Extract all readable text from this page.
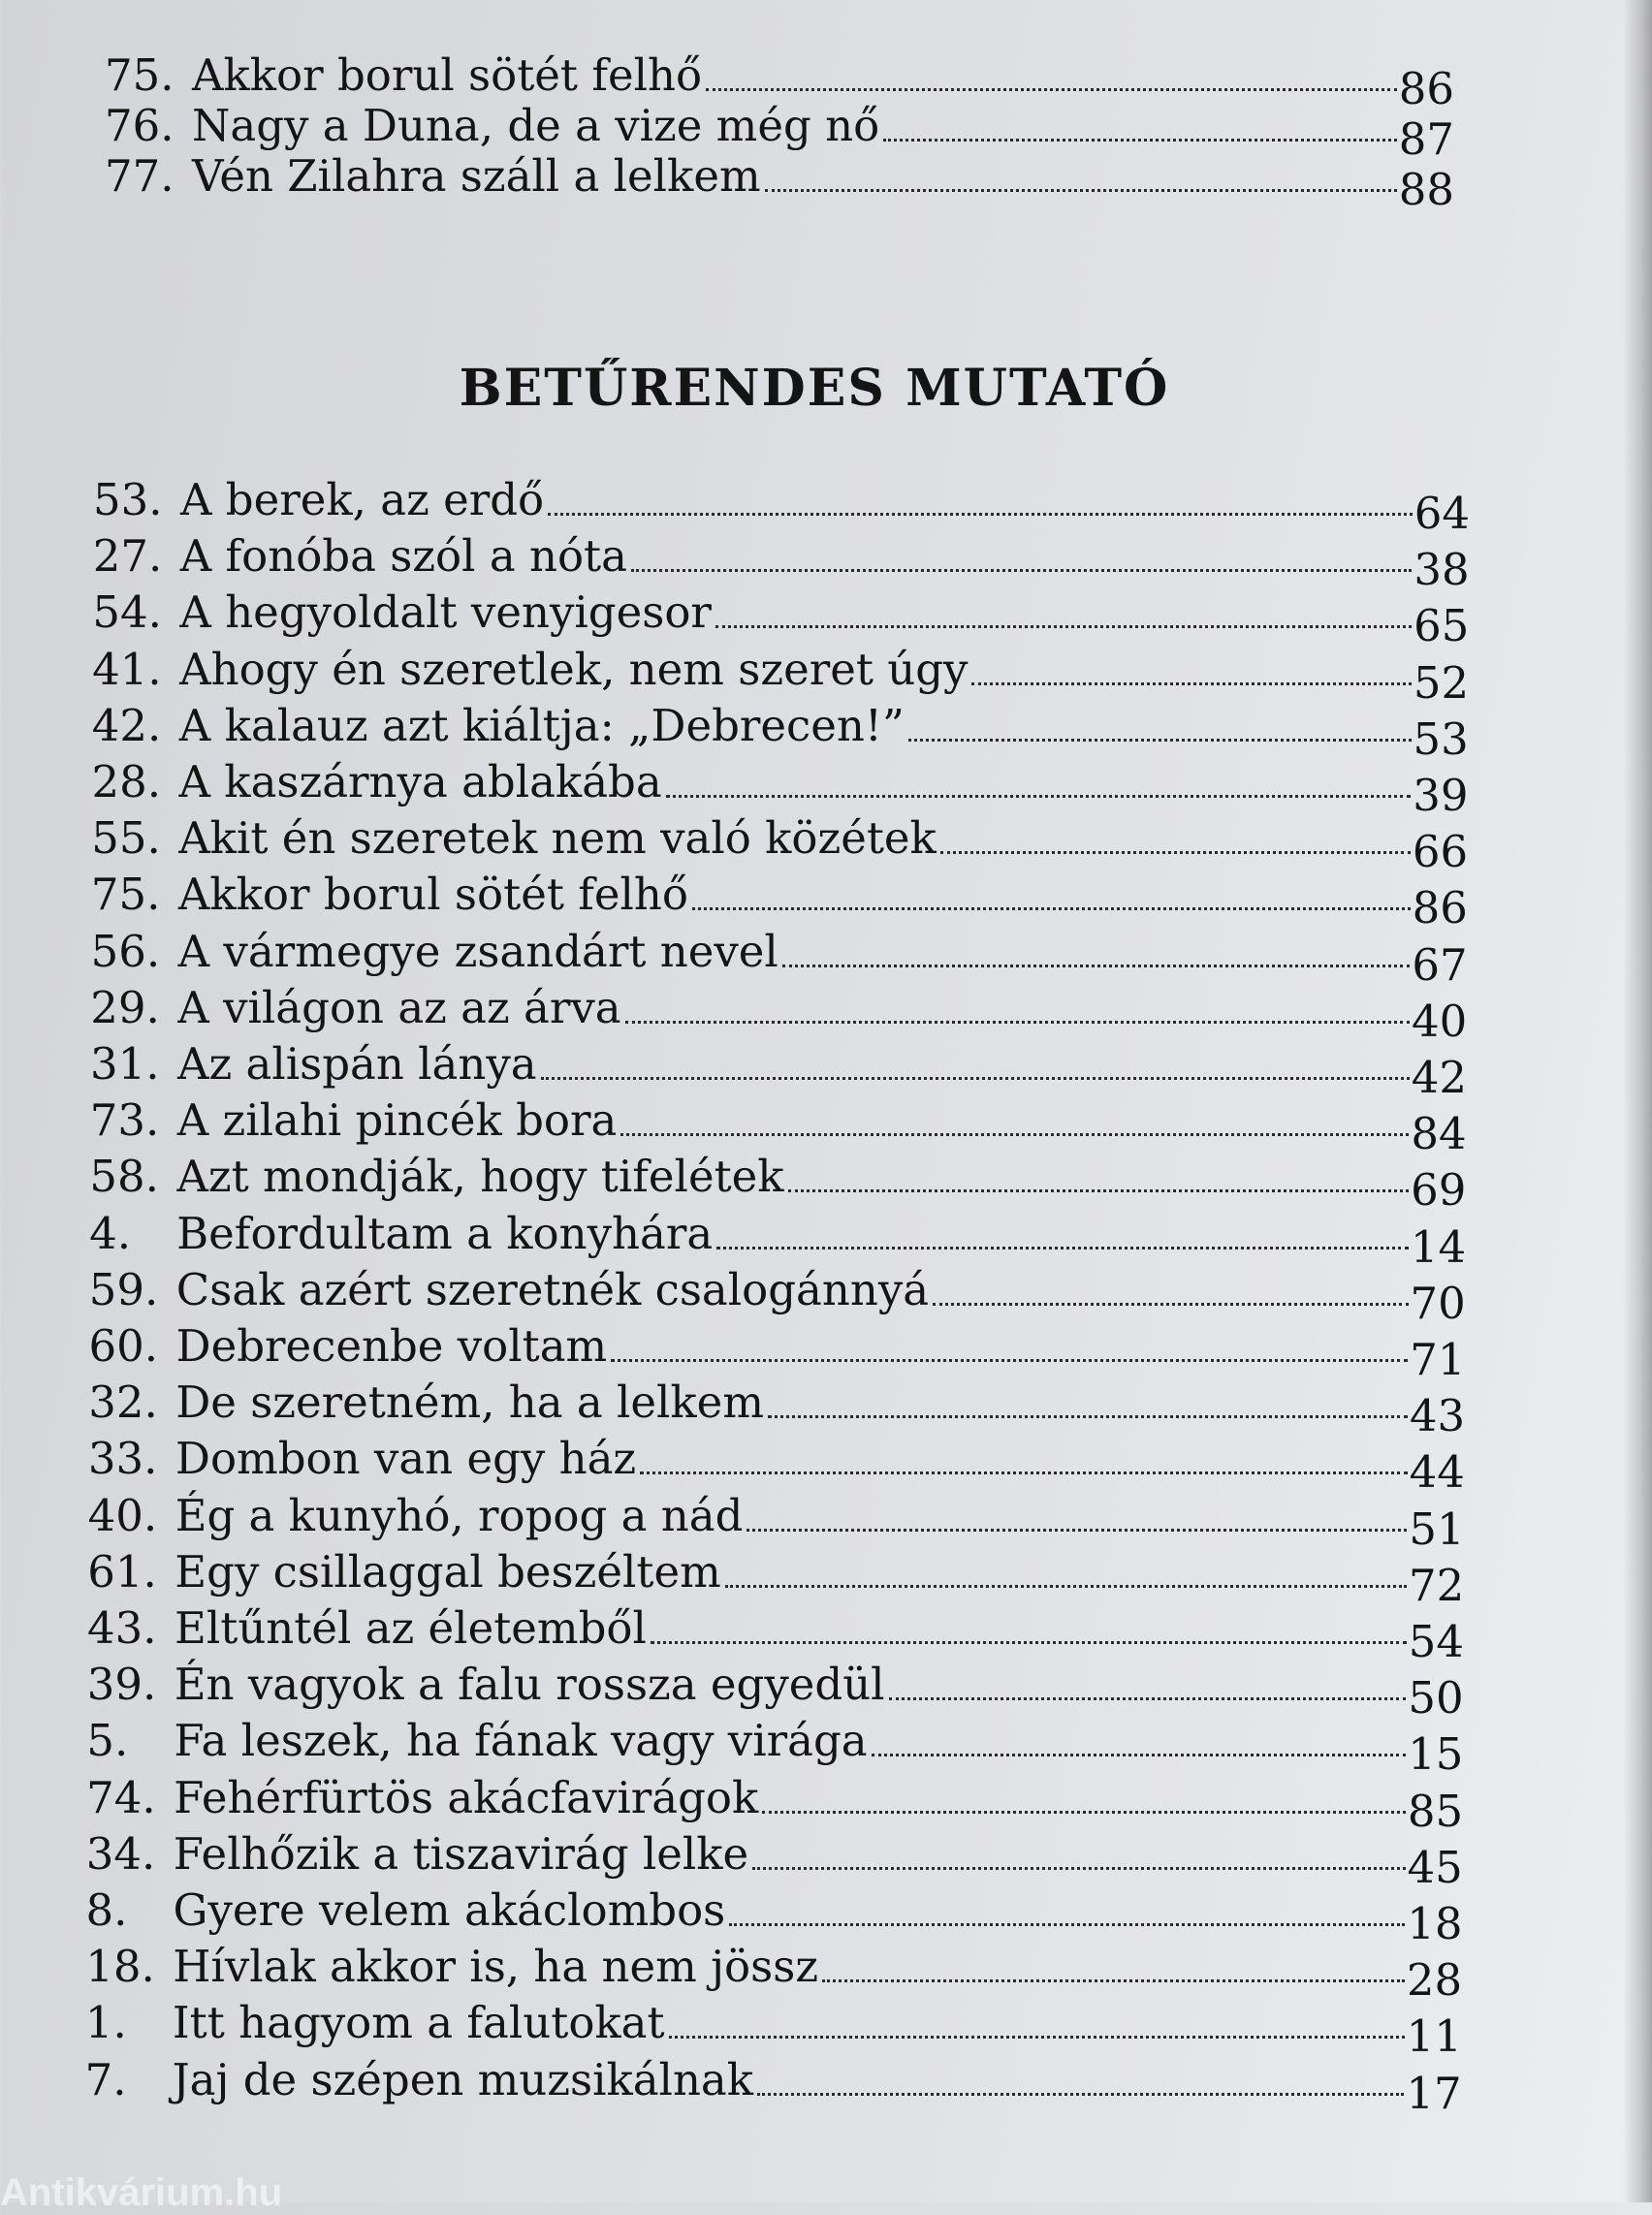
75. Akkor borul sötét felhő	86
76. Nagy a Duna, de a vize még nő	87
77. Vén Zilahra száll a lelkem	88
BETŰRENDES MUTATÓ
53. A berek, az erdő	64
27. A fonóba szól a nóta	38
54. A hegyoldalt venyigesor	65
41. Ahogy én szeretlek, nem szeret úgy	52
42. A kalauz azt kiáltja: „Debrecen!”	53
28. A kaszárnya ablakába	39
55. Akit én szeretek nem való közétek	66
75. Akkor borul sötét felhő	86
56. A vármegye zsandárt nevel	67
29. A világon az az árva	40
31. Az alispán lánya	42
73. A zilahi pincék bora	84
58. Azt mondják, hogy tifelétek	69
4.	Befordultam a konyhára	14
59. Csak azért szeretnék csalogánnyá	70
60. Debrecenbe voltam	71
32. De szeretném, ha a lelkem	43
33. Dombon van egy ház	44
40. Ég a kunyhó, ropog a nád	51
61. Egy csillaggal beszéltem	72
43. Eltűntél az életemből	54
39. Én vagyok a falu rossza egyedül	50
5.	Fa leszek, ha fának vagy virága	15
74. Fehérfürtös akácfavirágok	85
34. Felhőzik a tiszavirág lelke	45
8.	Gyere velem akáclombos	18
18. Hívlak akkor is, ha nem jössz	28
1.	Itt hagyom a falutokat	11
7.	Jaj de szépen muzsikálnak	17
Antikvárium.hu
